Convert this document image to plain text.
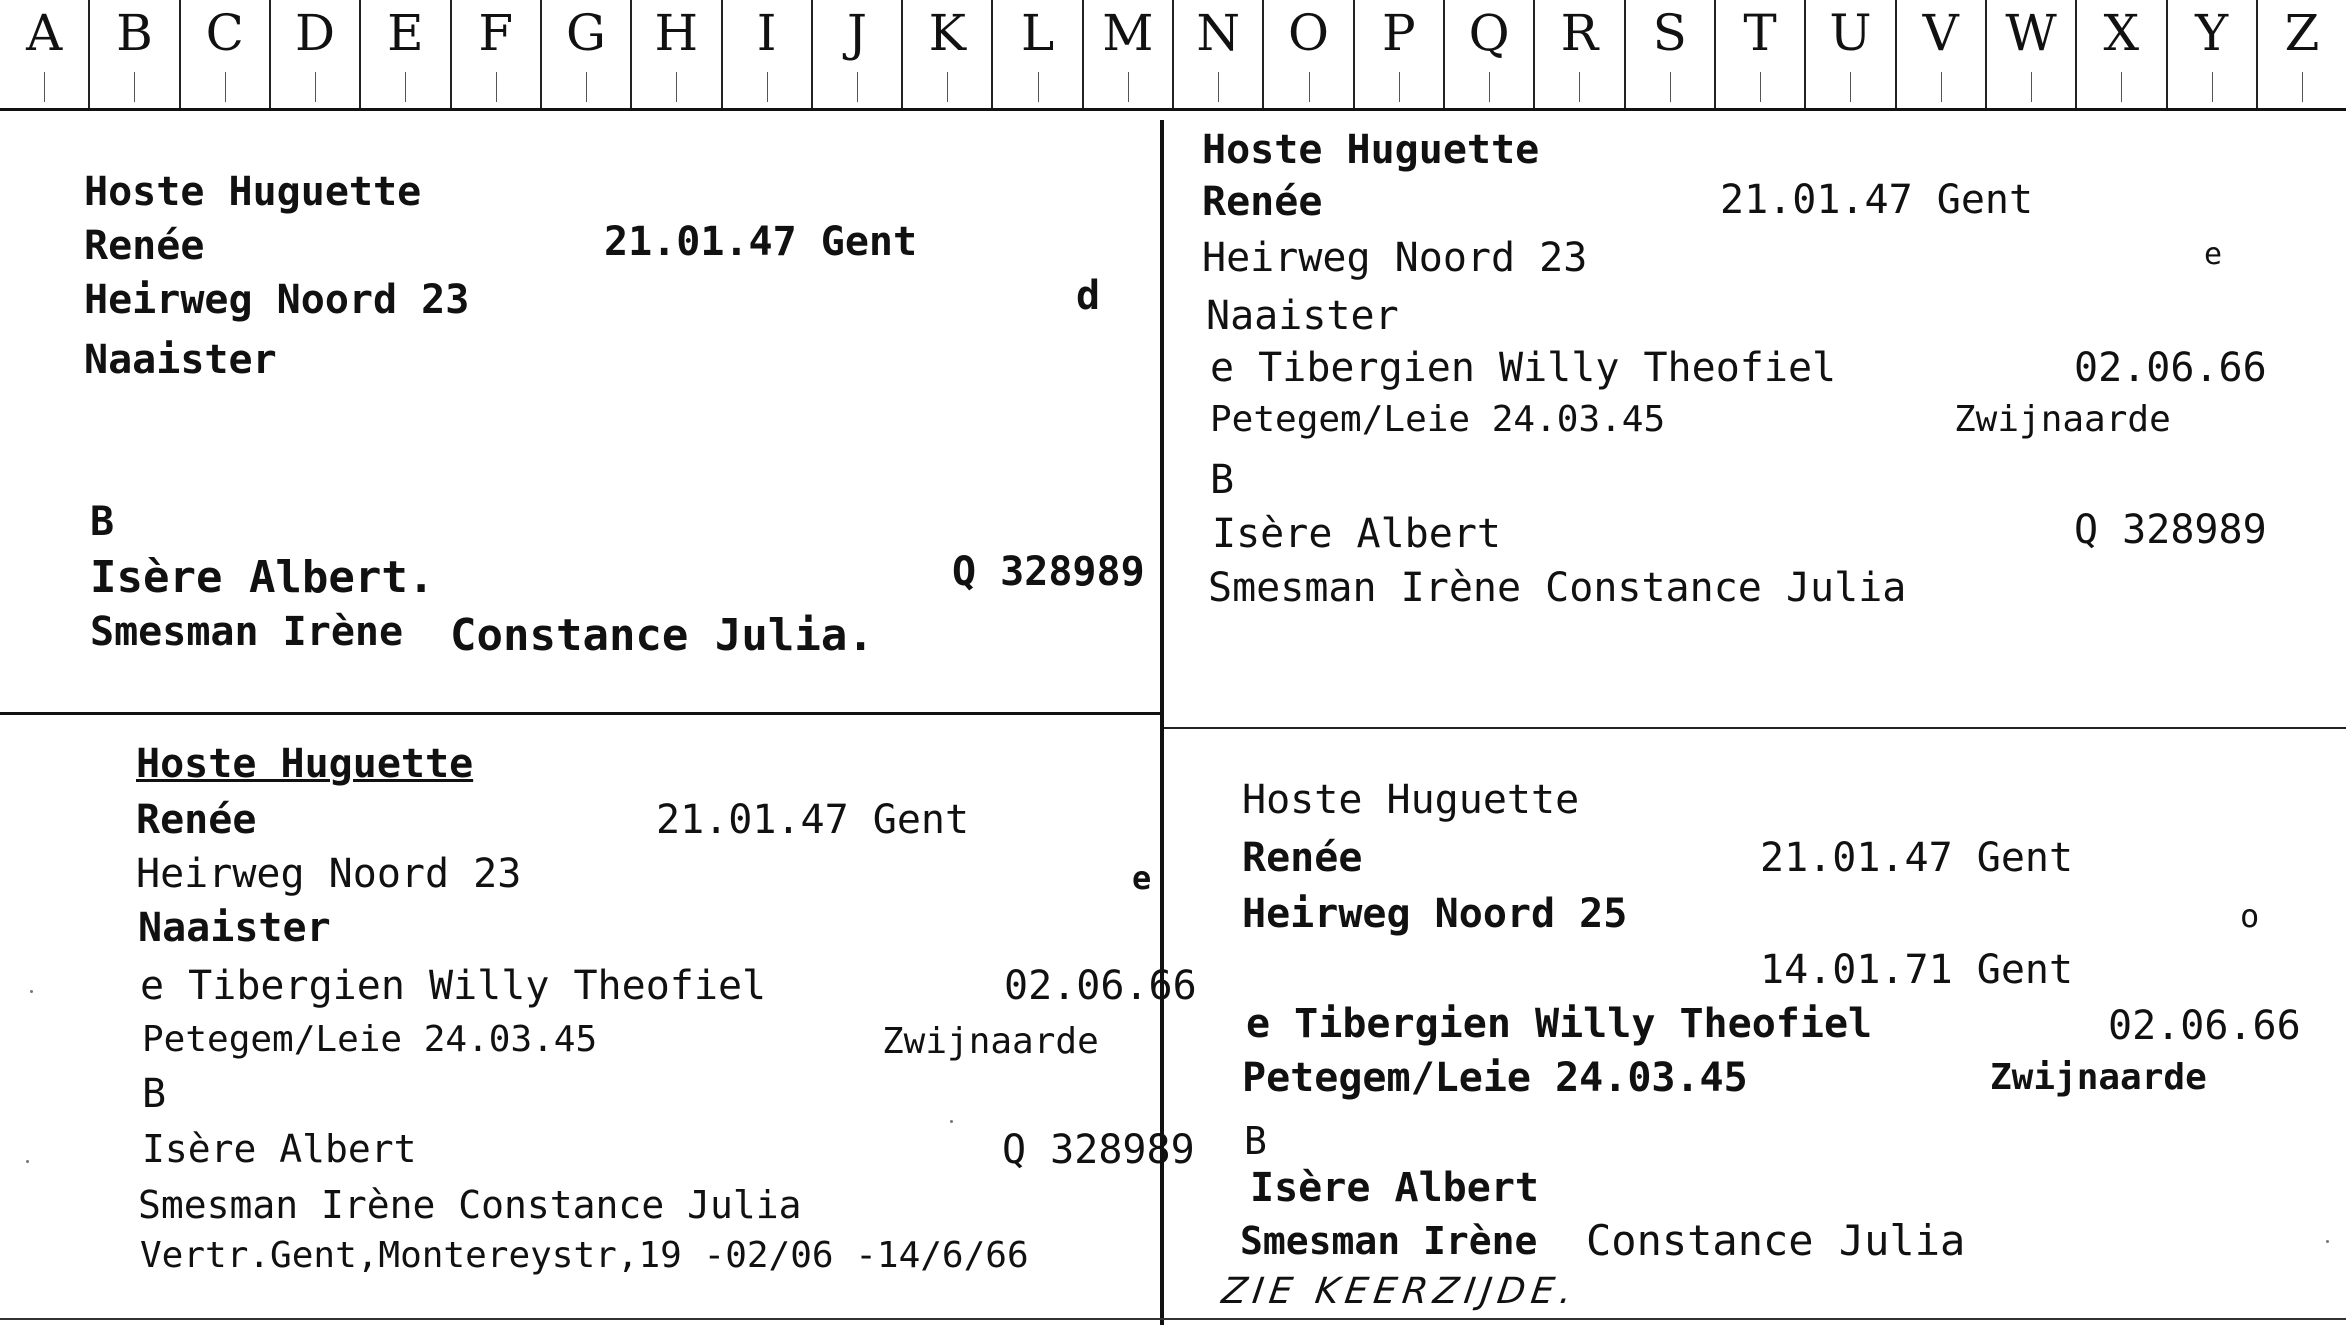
A	B	C	D	E	F	G H	I	J	K	L M N O	P	Q	R	S	T	U	V W X	Y	Z
Hoste Huguette
Renée	21.01.47 Gent
Heirweg Noord 23	d
Naaister
B
Isère Albert.	Q 328989
Smesman Irène Constance Julia.
Hoste Huguette
Renée	21.01.47 Gent
Heirweg Noord 23	e
Naaister
e Tibergien Willy Theofiel	02.06.66
Petegem/Leie 24.03.45	Zwijnaarde
B
Isère Albert	Q 328989
Smesman Irène Constance Julia
Hoste Huguette
Renée	21.01.47 Gent
Heirweg Noord 23	e
Naaister
e Tibergien Willy Theofiel	02.06.66
Petegem/Leie 24.03.45	Zwijnaarde
B
Isère Albert	Q 328989
Smesman Irène Constance Julia
Vertr.Gent,Montereystr,19 -02/06 -14/6/66
Hoste Huguette
Renée	21.01.47 Gent
Heirweg Noord 25	o
14.01.71 Gent
e Tibergien Willy Theofiel	02.06.66
Petegem/Leie 24.03.45	Zwijnaarde
B
Isère Albert
Smesman Irène Constance Julia
ZIE KEERZIJDE.
